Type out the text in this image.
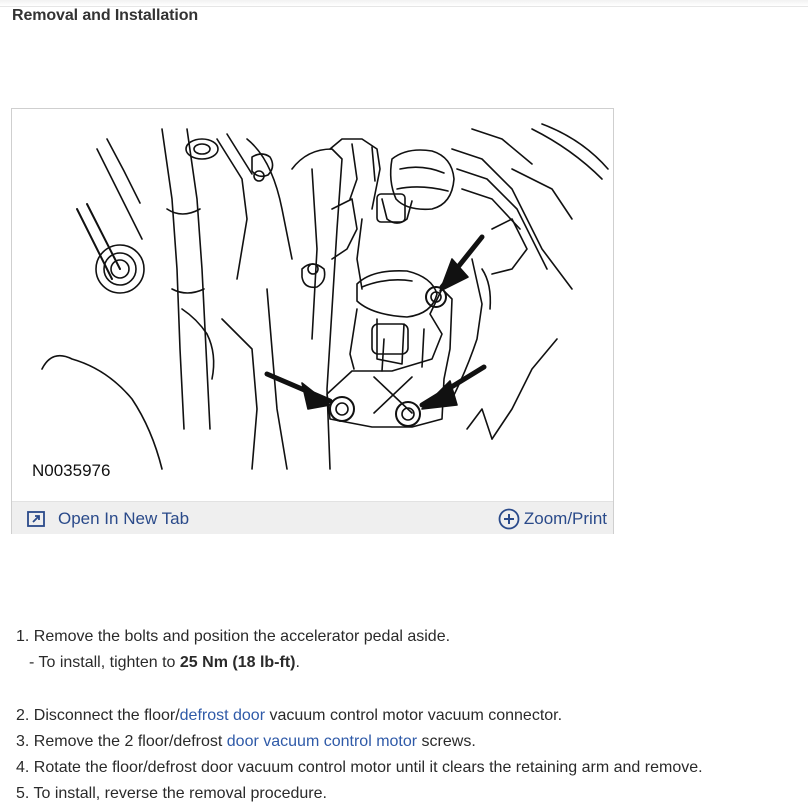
Removal and Installation
N0035976
Open In New Tab	Zoom/Print
1. Remove the bolts and position the accelerator pedal aside.
- To install, tighten to 25 Nm (18 lb-ft).
2. Disconnect the floor/defrost door vacuum control motor vacuum connector.
3. Remove the 2 floor/defrost door vacuum control motor screws.
4. Rotate the floor/defrost door vacuum control motor until it clears the retaining arm and remove.
5. To install, reverse the removal procedure.
